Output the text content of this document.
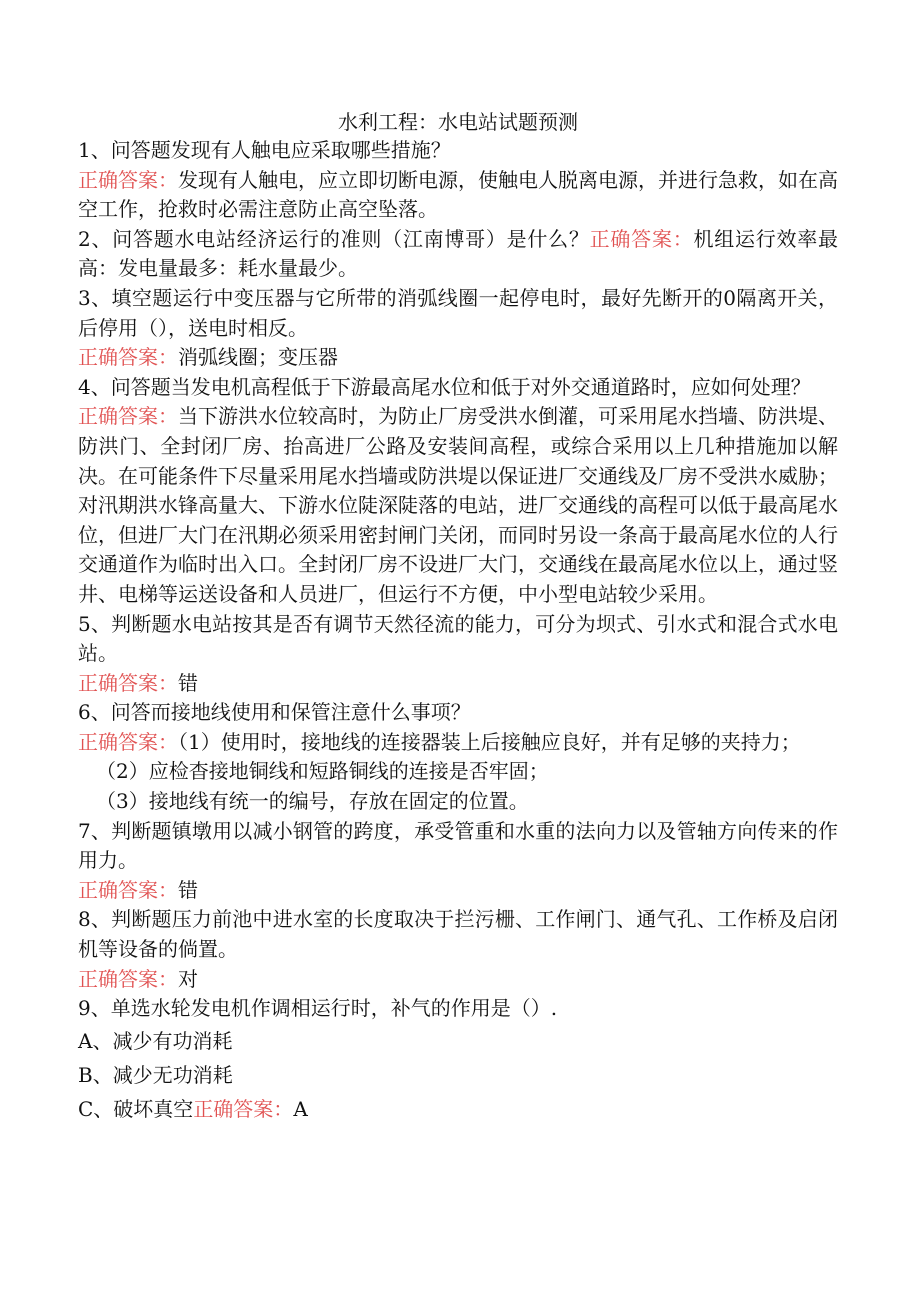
水利工程：水电站试题预测

1、问答题发现有人触电应采取哪些措施？

正确答案：发现有人触电，应立即切断电源，使触电人脱离电源，并进行急救，如在高空工作，抢救时必需注意防止高空坠落。

2、问答题水电站经济运行的准则（江南博哥）是什么？正确答案：机组运行效率最高：发电量最多：耗水量最少。

3、填空题运行中变压器与它所带的消弧线圈一起停电时，最好先断开的0隔离开关，后停用（），送电时相反。

正确答案：消弧线圈；变压器

4、问答题当发电机高程低于下游最高尾水位和低于对外交通道路时，应如何处理？

正确答案：当下游洪水位较高时，为防止厂房受洪水倒灌，可采用尾水挡墙、防洪堤、防洪门、全封闭厂房、抬高进厂公路及安装间高程，或综合采用以上几种措施加以解决。在可能条件下尽量采用尾水挡墙或防洪堤以保证进厂交通线及厂房不受洪水威胁；对汛期洪水锋高量大、下游水位陡深陡落的电站，进厂交通线的高程可以低于最高尾水位，但进厂大门在汛期必须采用密封闸门关闭，而同时另设一条高于最高尾水位的人行交通道作为临时出入口。全封闭厂房不设进厂大门，交通线在最高尾水位以上，通过竖井、电梯等运送设备和人员进厂，但运行不方便，中小型电站较少采用。

5、判断题水电站按其是否有调节天然径流的能力，可分为坝式、引水式和混合式水电站。

正确答案：错

6、问答而接地线使用和保管注意什么事项？

正确答案：（1）使用时，接地线的连接器装上后接触应良好，并有足够的夹持力；

（2）应检杳接地铜线和短路铜线的连接是否牢固；

（3）接地线有统一的编号，存放在固定的位置。

7、判断题镇墩用以减小钢管的跨度，承受管重和水重的法向力以及管轴方向传来的作用力。

正确答案：错

8、判断题压力前池中进水室的长度取决于拦污栅、工作闸门、通气孔、工作桥及启闭机等设备的倘置。

正确答案：对

9、单选水轮发电机作调相运行时，补气的作用是（）.

A、减少有功消耗

B、减少无功消耗

C、破坏真空正确答案：A
